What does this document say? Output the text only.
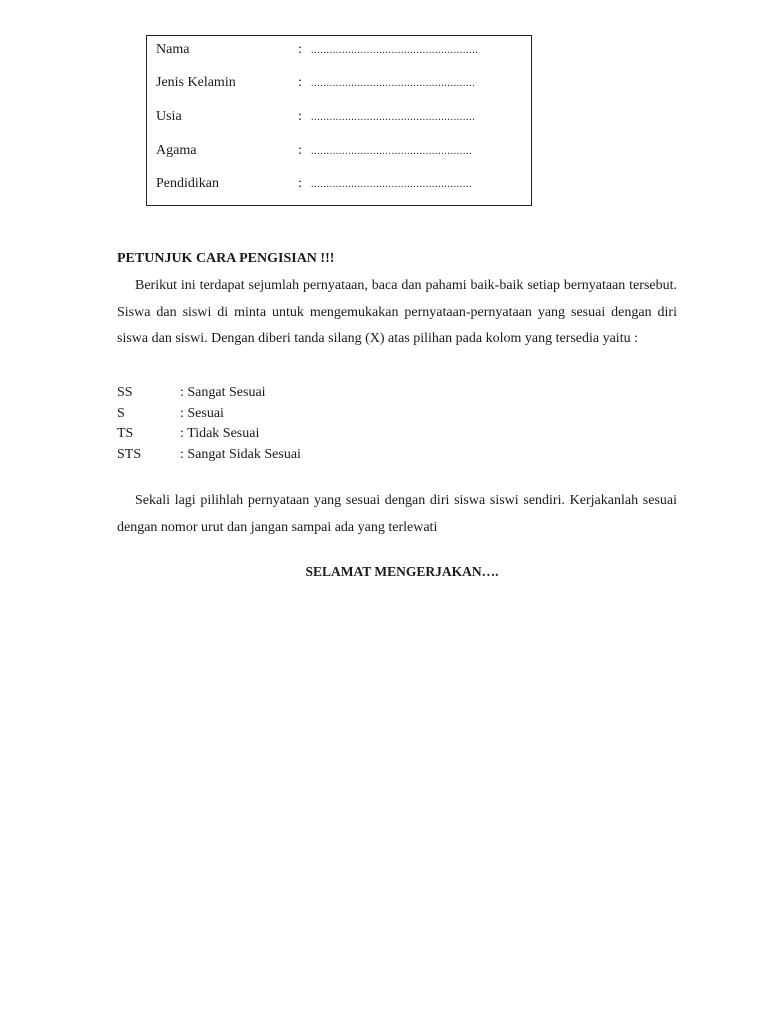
Nama	: ......................................................
Jenis Kelamin	: .....................................................
Usia	: .....................................................
Agama	: ....................................................
Pendidikan	: ....................................................
PETUNJUK CARA PENGISIAN !!!

Berikut ini terdapat sejumlah pernyataan, baca dan pahami baik-baik setiap bernyataan tersebut. Siswa dan siswi di minta untuk mengemukakan pernyataan-pernyataan yang sesuai dengan diri siswa dan siswi. Dengan diberi tanda silang (X) atas pilihan pada kolom yang tersedia yaitu :

SS	: Sangat Sesuai
S	: Sesuai
TS	: Tidak Sesuai
STS	: Sangat Sidak Sesuai

Sekali lagi pilihlah pernyataan yang sesuai dengan diri siswa siswi sendiri. Kerjakanlah sesuai dengan nomor urut dan jangan sampai ada yang terlewati

SELAMAT MENGERJAKAN….
